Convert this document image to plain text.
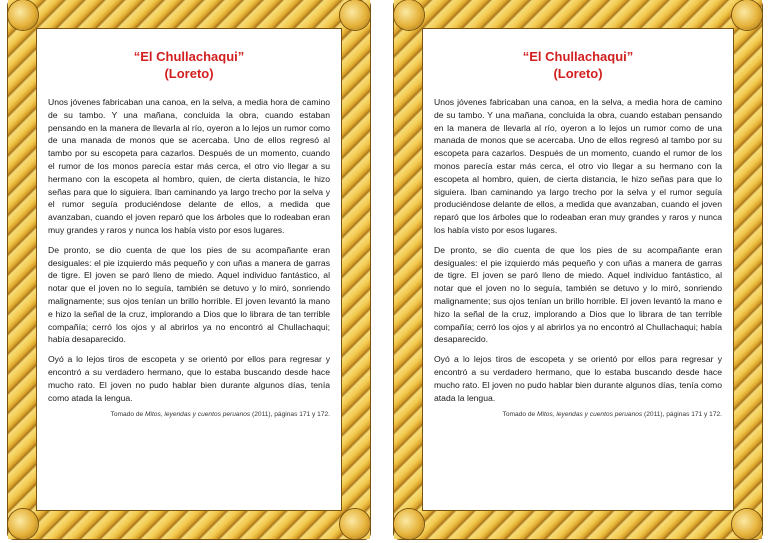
“El Chullachaqui”
(Loreto)

Unos jóvenes fabricaban una canoa, en la selva, a media hora de camino de su tambo. Y una mañana, concluida la obra, cuando estaban pensando en la manera de llevarla al río, oyeron a lo lejos un rumor como de una manada de monos que se acercaba. Uno de ellos regresó al tambo por su escopeta para cazarlos. Después de un momento, cuando el rumor de los monos parecía estar más cerca, el otro vio llegar a su hermano con la escopeta al hombro, quien, de cierta distancia, le hizo señas para que lo siguiera. Iban caminando ya largo trecho por la selva y el rumor seguía produciéndose delante de ellos, a medida que avanzaban, cuando el joven reparó que los árboles que lo rodeaban eran muy grandes y raros y nunca los había visto por esos lugares.

De pronto, se dio cuenta de que los pies de su acompañante eran desiguales: el pie izquierdo más pequeño y con uñas a manera de garras de tigre. El joven se paró lleno de miedo. Aquel individuo fantástico, al notar que el joven no lo seguía, también se detuvo y lo miró, sonriendo malignamente; sus ojos tenían un brillo horrible. El joven levantó la mano e hizo la señal de la cruz, implorando a Dios que lo librara de tan terrible compañía; cerró los ojos y al abrirlos ya no encontró al Chullachaqui; había desaparecido.

Oyó a lo lejos tiros de escopeta y se orientó por ellos para regresar y encontró a su verdadero hermano, que lo estaba buscando desde hace mucho rato. El joven no pudo hablar bien durante algunos días, tenía como atada la lengua.

Tomado de Mitos, leyendas y cuentos peruanos (2011), páginas 171 y 172.
“El Chullachaqui”
(Loreto)

Unos jóvenes fabricaban una canoa, en la selva, a media hora de camino de su tambo. Y una mañana, concluida la obra, cuando estaban pensando en la manera de llevarla al río, oyeron a lo lejos un rumor como de una manada de monos que se acercaba. Uno de ellos regresó al tambo por su escopeta para cazarlos. Después de un momento, cuando el rumor de los monos parecía estar más cerca, el otro vio llegar a su hermano con la escopeta al hombro, quien, de cierta distancia, le hizo señas para que lo siguiera. Iban caminando ya largo trecho por la selva y el rumor seguía produciéndose delante de ellos, a medida que avanzaban, cuando el joven reparó que los árboles que lo rodeaban eran muy grandes y raros y nunca los había visto por esos lugares.

De pronto, se dio cuenta de que los pies de su acompañante eran desiguales: el pie izquierdo más pequeño y con uñas a manera de garras de tigre. El joven se paró lleno de miedo. Aquel individuo fantástico, al notar que el joven no lo seguía, también se detuvo y lo miró, sonriendo malignamente; sus ojos tenían un brillo horrible. El joven levantó la mano e hizo la señal de la cruz, implorando a Dios que lo librara de tan terrible compañía; cerró los ojos y al abrirlos ya no encontró al Chullachaqui; había desaparecido.

Oyó a lo lejos tiros de escopeta y se orientó por ellos para regresar y encontró a su verdadero hermano, que lo estaba buscando desde hace mucho rato. El joven no pudo hablar bien durante algunos días, tenía como atada la lengua.

Tomado de Mitos, leyendas y cuentos peruanos (2011), páginas 171 y 172.
